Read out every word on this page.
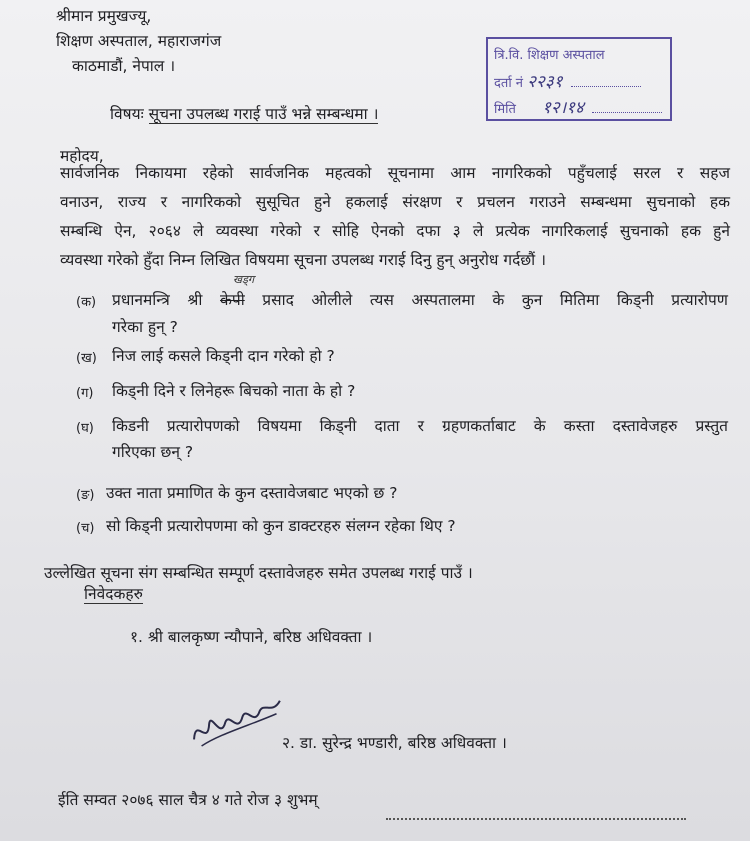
श्रीमान प्रमुखज्यू,
शिक्षण अस्पताल, महाराजगंज
काठमाडौं, नेपाल ।
त्रि.वि. शिक्षण अस्पताल
दर्ता नं २२३१
मिति १२।१४
विषयः सूचना उपलब्ध गराई पाउँ भन्ने सम्बन्धमा ।
महोदय,
सार्वजनिक निकायमा रहेको सार्वजनिक महत्वको सूचनामा आम नागरिकको पहुँचलाई सरल र सहज
वनाउन, राज्य र नागरिकको सुसूचित हुने हकलाई संरक्षण र प्रचलन गराउने सम्बन्धमा सुचनाको हक
सम्बन्धि ऐन, २०६४ ले व्यवस्था गरेको र सोहि ऐनको दफा ३ ले प्रत्येक नागरिकलाई सुचनाको हक हुने
व्यवस्था गरेको हुँदा निम्न लिखित विषयमा सूचना उपलब्ध गराई दिनु हुन् अनुरोध गर्दछौं ।
खड्ग
(क) प्रधानमन्त्रि श्री केपी प्रसाद ओलीले त्यस अस्पतालमा के कुन मितिमा किड्नी प्रत्यारोपण
गरेका हुन् ?
(ख) निज लाई कसले किड्नी दान गरेको हो ?
(ग) किड्नी दिने र लिनेहरू बिचको नाता के हो ?
(घ) किडनी प्रत्यारोपणको विषयमा किड्नी दाता र ग्रहणकर्ताबाट के कस्ता दस्तावेजहरु प्रस्तुत
गरिएका छन् ?
(ङ) उक्त नाता प्रमाणित के कुन दस्तावेजबाट भएको छ ?
(च) सो किड्नी प्रत्यारोपणमा को कुन डाक्टरहरु संलग्न रहेका थिए ?
उल्लेखित सूचना संग सम्बन्धित सम्पूर्ण दस्तावेजहरु समेत उपलब्ध गराई पाउँ ।
निवेदकहरु
१. श्री बालकृष्ण न्यौपाने, बरिष्ठ अधिवक्ता ।
२. डा. सुरेन्द्र भण्डारी, बरिष्ठ अधिवक्ता ।
ईति सम्वत २०७६ साल चैत्र ४ गते रोज ३ शुभम्
